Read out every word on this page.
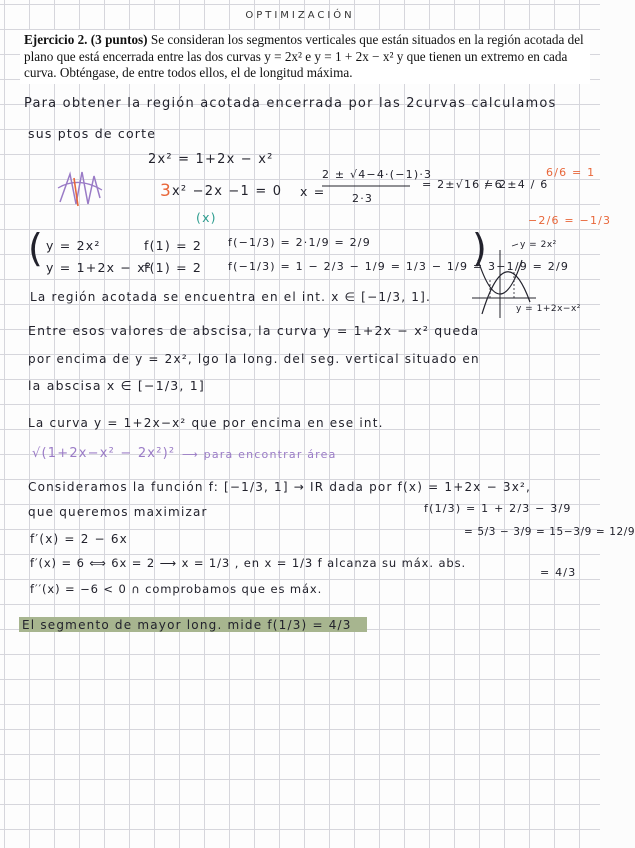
OPTIMIZACIÓN
Ejercicio 2. (3 puntos) Se consideran los segmentos verticales que están situados en la región acotada del plano que está encerrada entre las dos curvas y = 2x² e y = 1 + 2x − x² y que tienen un extremo en cada curva. Obténgase, de entre todos ellos, el de longitud máxima.
Para obtener la región acotada encerrada por las 2curvas calculamos
sus ptos de corte
2x² = 1+2x − x²
3 x² −2x −1 = 0
(x)
x =
2 ± √4−4·(−1)·3
2·3
= 2±√16 / 6
= 2±4 / 6
6/6 = 1
−2/6 = −1/3
( y = 2x²
y = 1+2x − x²
f(1) = 2
f(1) = 2
f(−1/3) = 2·1/9 = 2/9
f(−1/3) = 1 − 2/3 − 1/9 = 1/3 − 1/9 = 3−1/9 = 2/9
)	y = 2x²
y = 1+2x−x²
La región acotada se encuentra en el int. x ∈ [−1/3, 1].
Entre esos valores de abscisa, la curva y = 1+2x − x² queda
por encima de y = 2x², lgo la long. del seg. vertical situado en
la abscisa x ∈ [−1/3, 1]
La curva y = 1+2x−x² que por encima en ese int.
√(1+2x−x² − 2x²)² ⟶ para encontrar área
Consideramos la función f: [−1/3, 1] → IR dada por f(x) = 1+2x − 3x²,
que queremos maximizar	f(1/3) = 1 + 2/3 − 3/9
= 5/3 − 3/9 = 15−3/9 = 12/9
= 4/3
f′(x) = 2 − 6x
f′(x) = 6 ⟺ 6x = 2 ⟶ x = 1/3 , en x = 1/3 f alcanza su máx. abs.
f′′(x) = −6 < 0 ∩ comprobamos que es máx.
El segmento de mayor long. mide f(1/3) = 4/3
